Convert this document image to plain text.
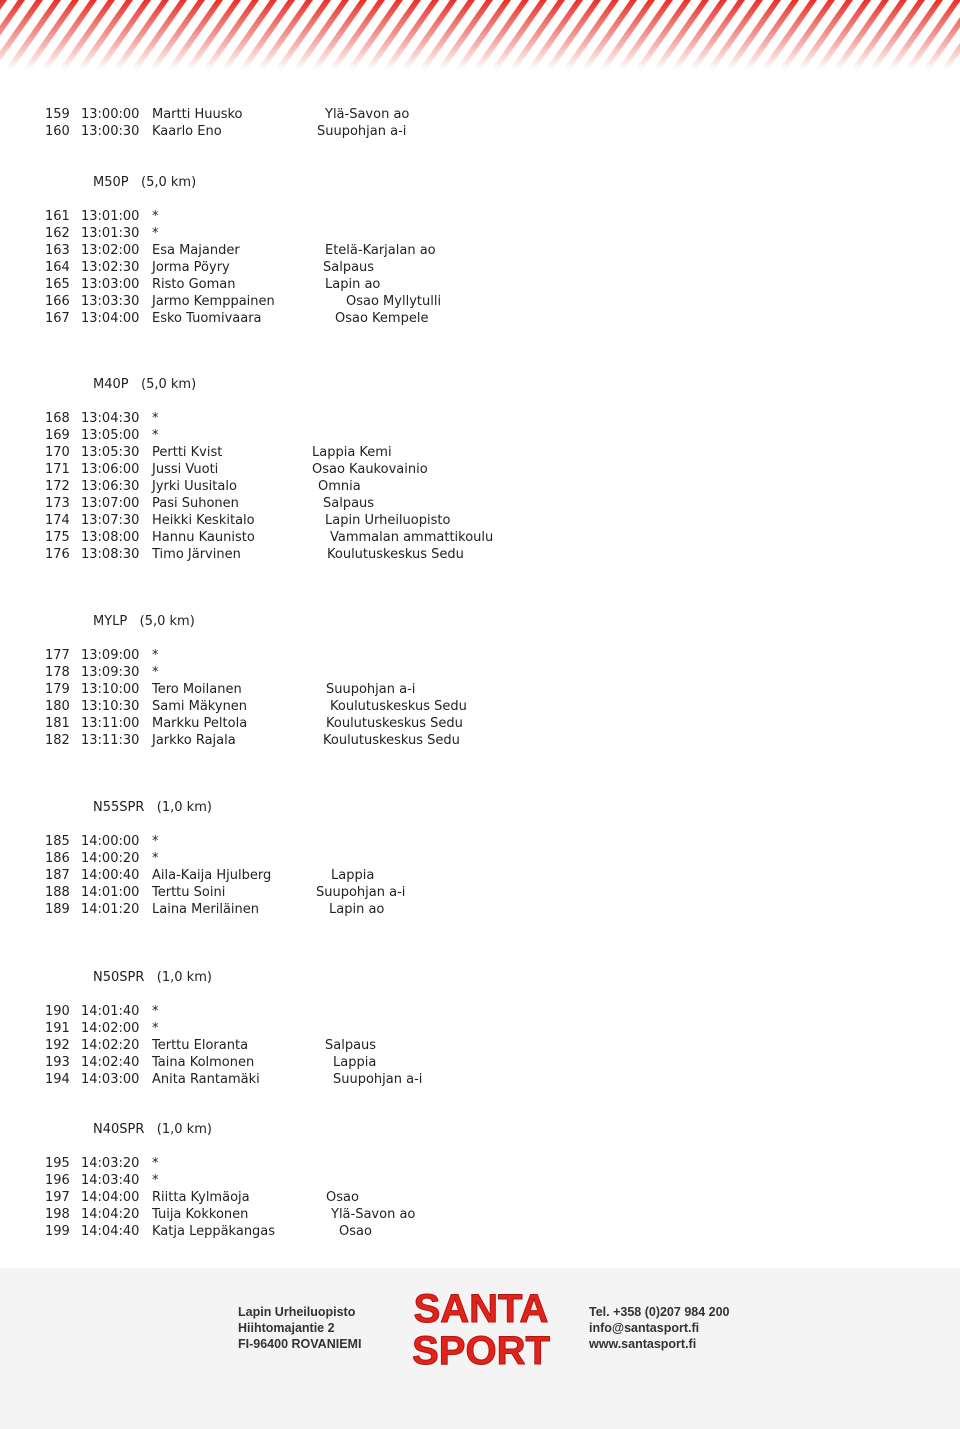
159 13:00:00 Martti Huusko	Ylä-Savon ao
160 13:00:30 Kaarlo Eno	Suupohjan a-i
M50P   (5,0 km)
161 13:01:00 *
162 13:01:30 *
163 13:02:00 Esa Majander	Etelä-Karjalan ao
164 13:02:30 Jorma Pöyry	Salpaus
165 13:03:00 Risto Goman	Lapin ao
166 13:03:30 Jarmo Kemppainen	Osao Myllytulli
167 13:04:00 Esko Tuomivaara	Osao Kempele
M40P   (5,0 km)
168 13:04:30 *
169 13:05:00 *
170 13:05:30 Pertti Kvist	Lappia Kemi
171 13:06:00 Jussi Vuoti	Osao Kaukovainio
172 13:06:30 Jyrki Uusitalo	Omnia
173 13:07:00 Pasi Suhonen	Salpaus
174 13:07:30 Heikki Keskitalo	Lapin Urheiluopisto
175 13:08:00 Hannu Kaunisto	Vammalan ammattikoulu
176 13:08:30 Timo Järvinen	Koulutuskeskus Sedu
MYLP   (5,0 km)
177 13:09:00 *
178 13:09:30 *
179 13:10:00 Tero Moilanen	Suupohjan a-i
180 13:10:30 Sami Mäkynen	Koulutuskeskus Sedu
181 13:11:00 Markku Peltola	Koulutuskeskus Sedu
182 13:11:30 Jarkko Rajala	Koulutuskeskus Sedu
N55SPR   (1,0 km)
185 14:00:00 *
186 14:00:20 *
187 14:00:40 Aila-Kaija Hjulberg	Lappia
188 14:01:00 Terttu Soini	Suupohjan a-i
189 14:01:20 Laina Meriläinen	Lapin ao
N50SPR   (1,0 km)
190 14:01:40 *
191 14:02:00 *
192 14:02:20 Terttu Eloranta	Salpaus
193 14:02:40 Taina Kolmonen	Lappia
194 14:03:00 Anita Rantamäki	Suupohjan a-i
N40SPR   (1,0 km)
195 14:03:20 *
196 14:03:40 *
197 14:04:00 Riitta Kylmäoja	Osao
198 14:04:20 Tuija Kokkonen	Ylä-Savon ao
199 14:04:40 Katja Leppäkangas	Osao
Lapin Urheiluopisto
Hiihtomajantie 2
FI-96400 ROVANIEMI
SANTA
SPORT
Tel. +358 (0)207 984 200
info@santasport.fi
www.santasport.fi
